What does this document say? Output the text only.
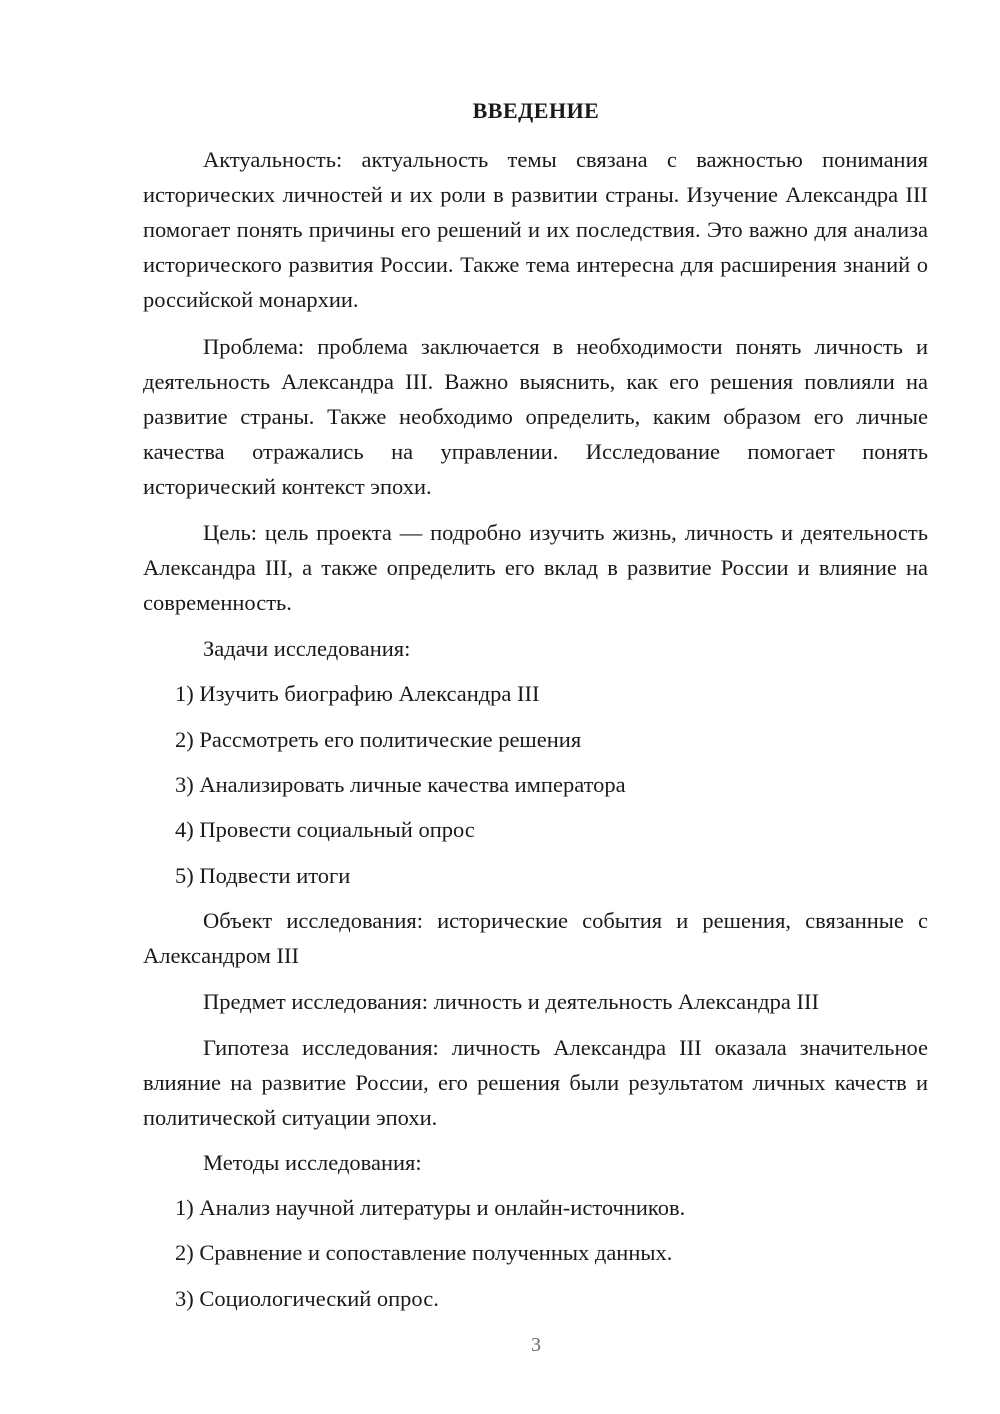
ВВЕДЕНИЕ

Актуальность: актуальность темы связана с важностью понимания исторических личностей и их роли в развитии страны. Изучение Александра III помогает понять причины его решений и их последствия. Это важно для анализа исторического развития России. Также тема интересна для расширения знаний о российской монархии.

Проблема: проблема заключается в необходимости понять личность и деятельность Александра III. Важно выяснить, как его решения повлияли на развитие страны. Также необходимо определить, каким образом его личные качества отражались на управлении. Исследование помогает понять исторический контекст эпохи.

Цель: цель проекта — подробно изучить жизнь, личность и деятельность Александра III, а также определить его вклад в развитие России и влияние на современность.

Задачи исследования:

1) Изучить биографию Александра III

2) Рассмотреть его политические решения

3) Анализировать личные качества императора

4) Провести социальный опрос

5) Подвести итоги

Объект исследования: исторические события и решения, связанные с Александром III

Предмет исследования: личность и деятельность Александра III

Гипотеза исследования: личность Александра III оказала значительное влияние на развитие России, его решения были результатом личных качеств и политической ситуации эпохи.

Методы исследования:

1) Анализ научной литературы и онлайн-источников.

2) Сравнение и сопоставление полученных данных.

3) Социологический опрос.

3
